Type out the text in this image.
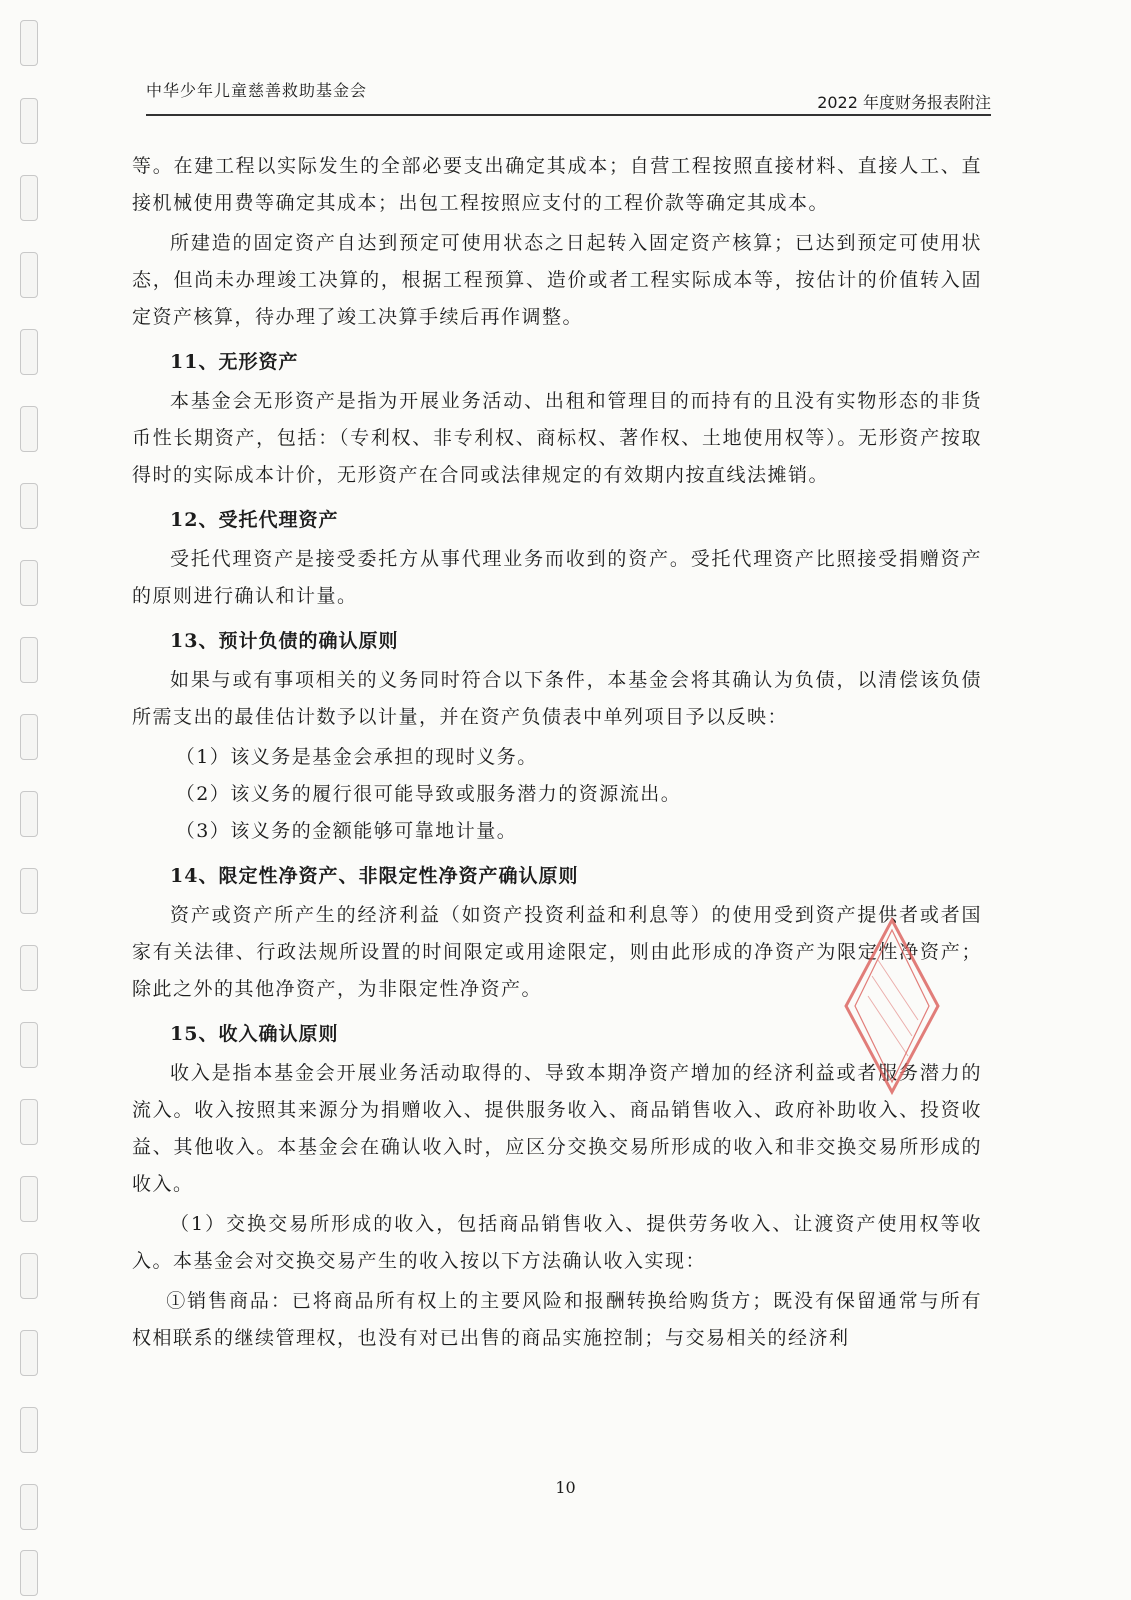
中华少年儿童慈善救助基金会
2022 年度财务报表附注

等。在建工程以实际发生的全部必要支出确定其成本；自营工程按照直接材料、直接人工、直接机械使用费等确定其成本；出包工程按照应支付的工程价款等确定其成本。

所建造的固定资产自达到预定可使用状态之日起转入固定资产核算；已达到预定可使用状态，但尚未办理竣工决算的，根据工程预算、造价或者工程实际成本等，按估计的价值转入固定资产核算，待办理了竣工决算手续后再作调整。

11、无形资产

本基金会无形资产是指为开展业务活动、出租和管理目的而持有的且没有实物形态的非货币性长期资产，包括：（专利权、非专利权、商标权、著作权、土地使用权等）。无形资产按取得时的实际成本计价，无形资产在合同或法律规定的有效期内按直线法摊销。

12、受托代理资产

受托代理资产是接受委托方从事代理业务而收到的资产。受托代理资产比照接受捐赠资产的原则进行确认和计量。

13、预计负债的确认原则

如果与或有事项相关的义务同时符合以下条件，本基金会将其确认为负债，以清偿该负债所需支出的最佳估计数予以计量，并在资产负债表中单列项目予以反映：

（1）该义务是基金会承担的现时义务。

（2）该义务的履行很可能导致或服务潜力的资源流出。

（3）该义务的金额能够可靠地计量。

14、限定性净资产、非限定性净资产确认原则

资产或资产所产生的经济利益（如资产投资利益和利息等）的使用受到资产提供者或者国家有关法律、行政法规所设置的时间限定或用途限定，则由此形成的净资产为限定性净资产；除此之外的其他净资产，为非限定性净资产。

15、收入确认原则

收入是指本基金会开展业务活动取得的、导致本期净资产增加的经济利益或者服务潜力的流入。收入按照其来源分为捐赠收入、提供服务收入、商品销售收入、政府补助收入、投资收益、其他收入。本基金会在确认收入时，应区分交换交易所形成的收入和非交换交易所形成的收入。

（1）交换交易所形成的收入，包括商品销售收入、提供劳务收入、让渡资产使用权等收入。本基金会对交换交易产生的收入按以下方法确认收入实现：

①销售商品：已将商品所有权上的主要风险和报酬转换给购货方；既没有保留通常与所有权相联系的继续管理权，也没有对已出售的商品实施控制；与交易相关的经济利

10
